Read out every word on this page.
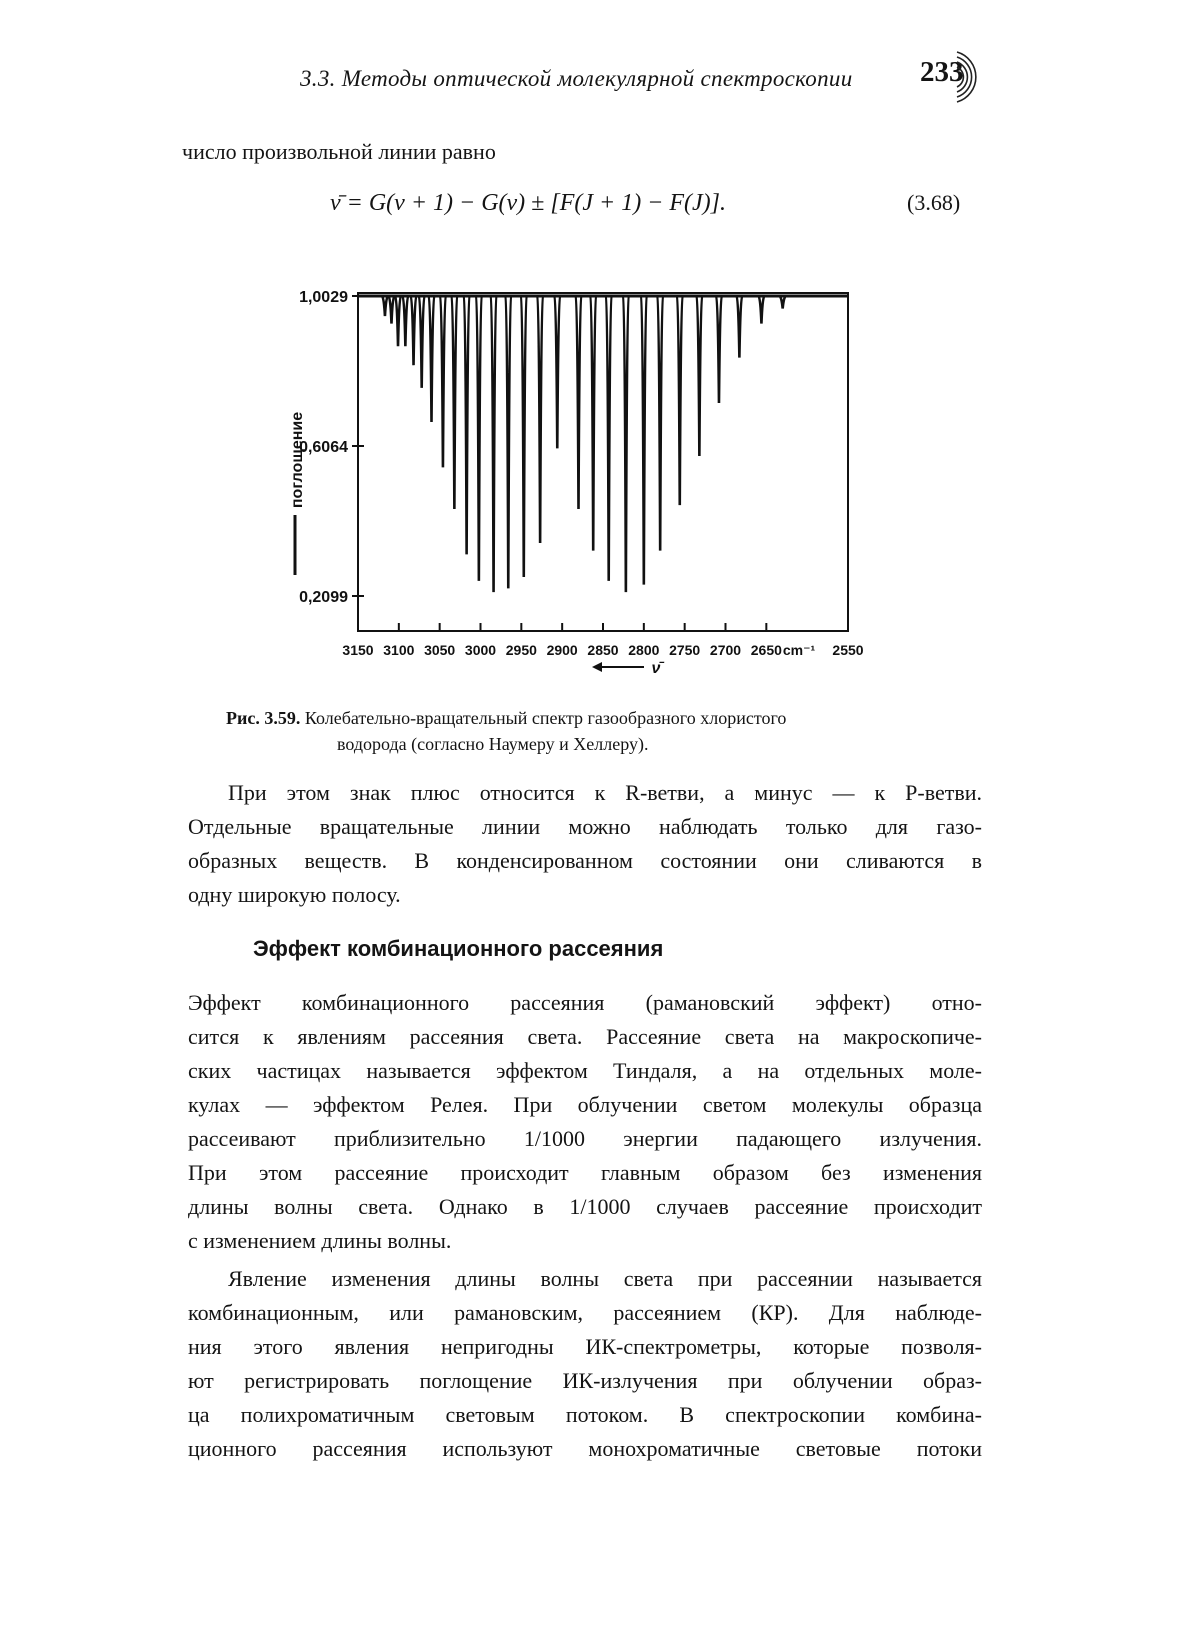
3.3. Методы оптической молекулярной спектроскопии 233
число произвольной линии равно
ν̄ = G(v + 1) − G(v) ± [F(J + 1) − F(J)].	(3.68)
1,0029
0,6064
0,2099
поглощение
3150 3100 3050 3000 2950 2900 2850 2800 2750 2700 2650 cm⁻¹ 2550
ν̄
Рис. 3.59. Колебательно-вращательный спектр газообразного хлористого
водорода (согласно Наумеру и Хеллеру).
При этом знак плюс относится к R-ветви, а минус — к P-ветви.
Отдельные вращательные линии можно наблюдать только для газо-
образных веществ. В конденсированном состоянии они сливаются в
одну широкую полосу.
Эффект комбинационного рассеяния
Эффект комбинационного рассеяния (рамановский эффект) отно-
сится к явлениям рассеяния света. Рассеяние света на макроскопиче-
ских частицах называется эффектом Тиндаля, а на отдельных моле-
кулах — эффектом Релея. При облучении светом молекулы образца
рассеивают приблизительно 1/1000 энергии падающего излучения.
При этом рассеяние происходит главным образом без изменения
длины волны света. Однако в 1/1000 случаев рассеяние происходит
с изменением длины волны.
Явление изменения длины волны света при рассеянии называется
комбинационным, или рамановским, рассеянием (КР). Для наблюде-
ния этого явления непригодны ИК-спектрометры, которые позволя-
ют регистрировать поглощение ИК-излучения при облучении образ-
ца полихроматичным световым потоком. В спектроскопии комбина-
ционного рассеяния используют монохроматичные световые потоки
